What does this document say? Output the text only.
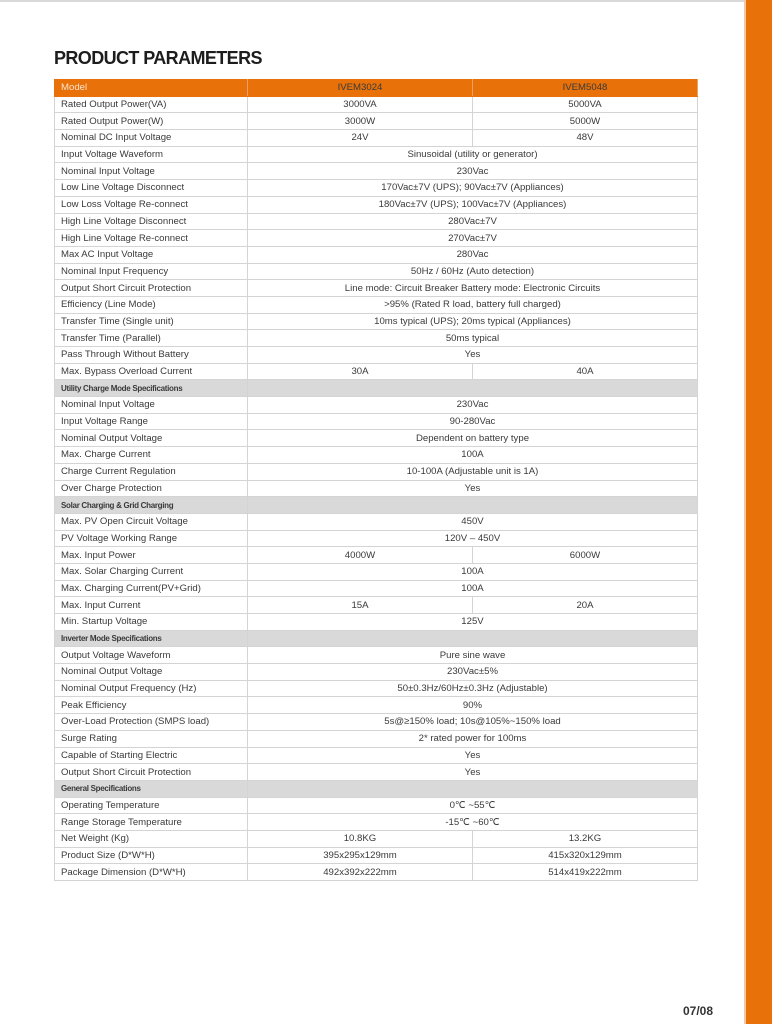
PRODUCT PARAMETERS
Model	IVEM3024	IVEM5048
Rated Output Power(VA)	3000VA	5000VA
Rated Output Power(W)	3000W	5000W
Nominal DC Input Voltage	24V	48V
Input Voltage Waveform	Sinusoidal (utility or generator)	
Nominal Input Voltage	230Vac	
Low Line Voltage Disconnect	170Vac±7V (UPS); 90Vac±7V (Appliances)	
Low Loss Voltage Re-connect	180Vac±7V (UPS); 100Vac±7V (Appliances)	
High Line Voltage Disconnect	280Vac±7V	
High Line Voltage Re-connect	270Vac±7V	
Max AC Input Voltage	280Vac	
Nominal Input Frequency	50Hz / 60Hz (Auto detection)	
Output Short Circuit Protection	Line mode: Circuit Breaker Battery mode: Electronic Circuits	
Efficiency (Line Mode)	>95% (Rated R load, battery full charged)	
Transfer Time (Single unit)	10ms typical (UPS); 20ms typical (Appliances)	
Transfer Time (Parallel)	50ms typical	
Pass Through Without Battery	Yes	
Max. Bypass Overload Current	30A	40A
Utility Charge Mode Specifications		
Nominal Input Voltage	230Vac	
Input Voltage Range	90-280Vac	
Nominal Output Voltage	Dependent on battery type	
Max. Charge Current	100A	
Charge Current Regulation	10-100A (Adjustable unit is 1A)	
Over Charge Protection	Yes	
Solar Charging & Grid Charging		
Max. PV Open Circuit Voltage	450V	
PV Voltage Working Range	120V – 450V	
Max. Input Power	4000W	6000W
Max. Solar Charging Current	100A	
Max. Charging Current(PV+Grid)	100A	
Max. Input Current	15A	20A
Min. Startup Voltage	125V	
Inverter Mode Specifications		
Output Voltage Waveform	Pure sine wave	
Nominal Output Voltage	230Vac±5%	
Nominal Output Frequency (Hz)	50±0.3Hz/60Hz±0.3Hz (Adjustable)	
Peak Efficiency	90%	
Over-Load Protection (SMPS load)	5s@≥150% load; 10s@105%~150% load	
Surge Rating	2* rated power for 100ms	
Capable of Starting Electric	Yes	
Output Short Circuit Protection	Yes	
General Specifications		
Operating Temperature	0℃ ~55℃	
Range Storage Temperature	-15℃ ~60℃	
Net Weight (Kg)	10.8KG	13.2KG
Product Size (D*W*H)	395x295x129mm	415x320x129mm
Package Dimension (D*W*H)	492x392x222mm	514x419x222mm
07/08
